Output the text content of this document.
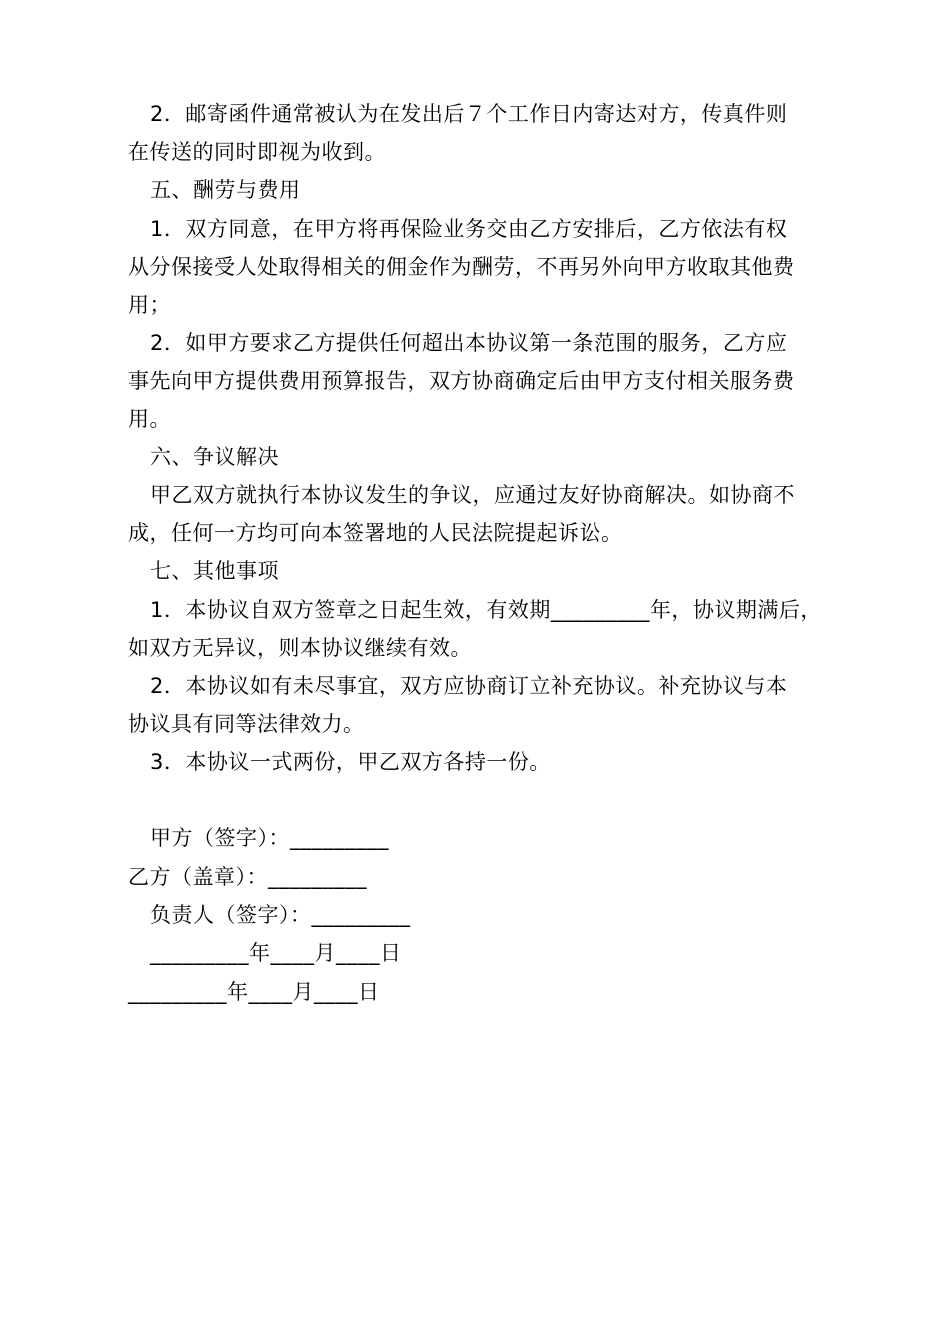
2．邮寄函件通常被认为在发出后７个工作日内寄达对方，传真件则
在传送的同时即视为收到。
五、酬劳与费用
1．双方同意，在甲方将再保险业务交由乙方安排后，乙方依法有权
从分保接受人处取得相关的佣金作为酬劳，不再另外向甲方收取其他费
用；
2．如甲方要求乙方提供任何超出本协议第一条范围的服务，乙方应
事先向甲方提供费用预算报告，双方协商确定后由甲方支付相关服务费
用。
六、争议解决
甲乙双方就执行本协议发生的争议，应通过友好协商解决。如协商不
成，任何一方均可向本签署地的人民法院提起诉讼。
七、其他事项
1．本协议自双方签章之日起生效，有效期_________年，协议期满后，
如双方无异议，则本协议继续有效。
2．本协议如有未尽事宜，双方应协商订立补充协议。补充协议与本
协议具有同等法律效力。
3．本协议一式两份，甲乙双方各持一份。
甲方（签字）：_________
乙方（盖章）：_________
负责人（签字）：_________
_________年____月____日
_________年____月____日
